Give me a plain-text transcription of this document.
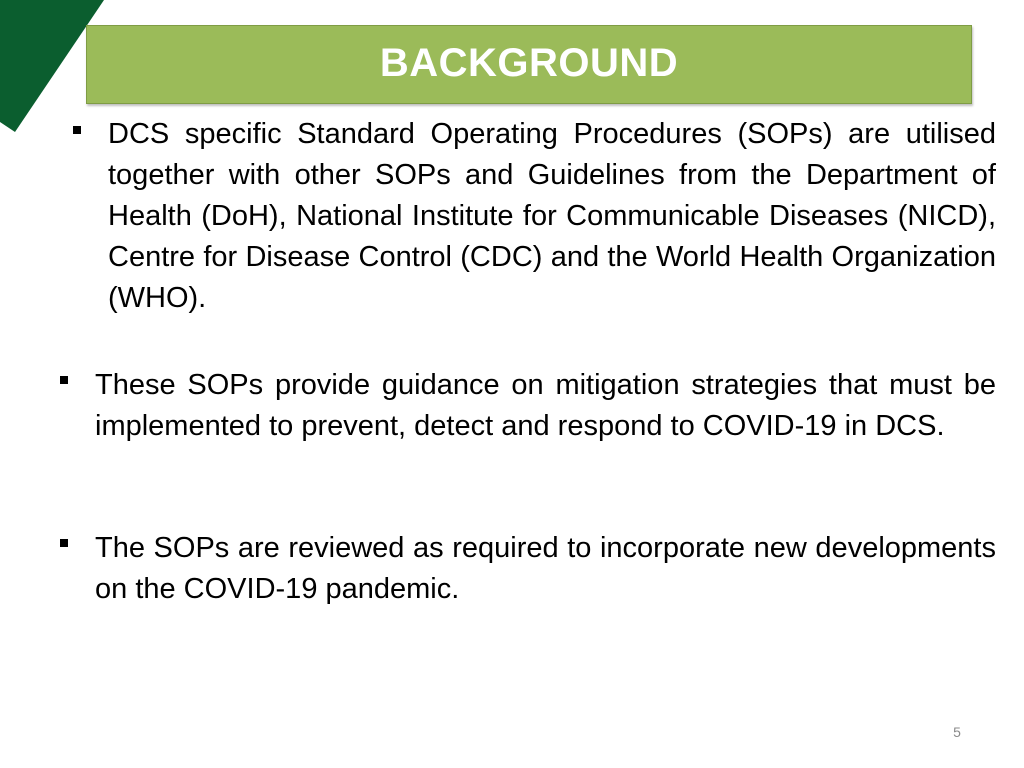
BACKGROUND
DCS specific Standard Operating Procedures (SOPs) are utilised together with other SOPs and Guidelines from the Department of Health (DoH), National Institute for Communicable Diseases (NICD), Centre for Disease Control (CDC) and the World Health Organization (WHO).
These SOPs provide guidance on mitigation strategies that must be implemented to prevent, detect and respond to COVID-19 in DCS.
The SOPs are reviewed as required to incorporate new developments on the COVID-19 pandemic.
5
